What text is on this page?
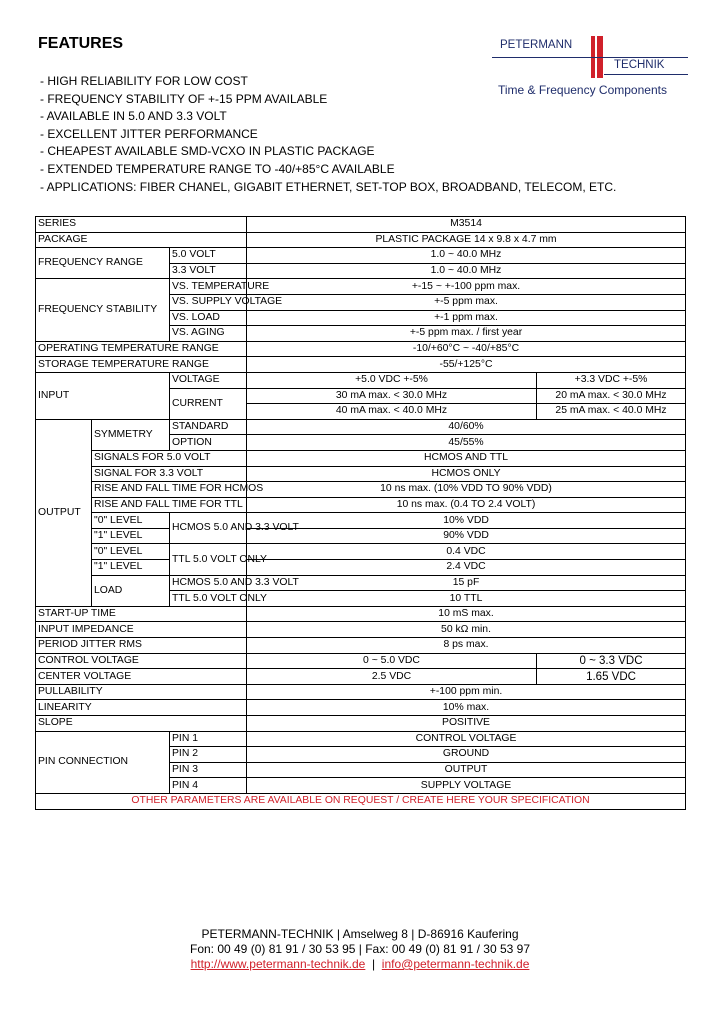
FEATURES	PETERMANN
TECHNIK
Time & Frequency Components
- HIGH RELIABILITY FOR LOW COST
- FREQUENCY STABILITY OF +-15 PPM AVAILABLE
- AVAILABLE IN 5.0 AND 3.3 VOLT
- EXCELLENT JITTER PERFORMANCE
- CHEAPEST AVAILABLE SMD-VCXO IN PLASTIC PACKAGE
- EXTENDED TEMPERATURE RANGE TO -40/+85°C AVAILABLE
- APPLICATIONS: FIBER CHANEL, GIGABIT ETHERNET, SET-TOP BOX, BROADBAND, TELECOM, ETC.
SERIES			M3514	
PACKAGE			PLASTIC PACKAGE 14 x 9.8 x 4.7 mm	
FREQUENCY RANGE		5.0 VOLT	1.0 ~ 40.0 MHz	
		3.3 VOLT	1.0 ~ 40.0 MHz	
FREQUENCY STABILITY		VS. TEMPERATURE	+-15 ~ +-100 ppm max.	
		VS. SUPPLY VOLTAGE	+-5 ppm max.	
		VS. LOAD	+-1 ppm max.	
		VS. AGING	+-5 ppm max. / first year	
OPERATING TEMPERATURE RANGE			-10/+60°C ~ -40/+85°C	
STORAGE TEMPERATURE RANGE			-55/+125°C	
INPUT		VOLTAGE	+5.0 VDC +-5%	+3.3 VDC +-5%
		CURRENT	30 mA max. < 30.0 MHz	20 mA max. < 30.0 MHz
			40 mA max. < 40.0 MHz	25 mA max. < 40.0 MHz
OUTPUT	SYMMETRY	STANDARD	40/60%	
		OPTION	45/55%	
	SIGNALS FOR 5.0 VOLT		HCMOS AND TTL	
	SIGNAL FOR 3.3 VOLT		HCMOS ONLY	
	RISE AND FALL TIME FOR HCMOS		10 ns max. (10% VDD TO 90% VDD)	
	RISE AND FALL TIME FOR TTL		10 ns max. (0.4 TO 2.4 VOLT)	
	"0" LEVEL	HCMOS 5.0 AND 3.3 VOLT	10% VDD	
	"1" LEVEL		90% VDD	
	"0" LEVEL	TTL 5.0 VOLT ONLY	0.4 VDC	
	"1" LEVEL		2.4 VDC	
	LOAD	HCMOS 5.0 AND 3.3 VOLT	15 pF	
		TTL 5.0 VOLT ONLY	10 TTL	
START-UP TIME			10 mS max.	
INPUT IMPEDANCE			50 kΩ min.	
PERIOD JITTER RMS			8 ps max.	
CONTROL VOLTAGE			0 ~ 5.0 VDC	0 ~ 3.3 VDC
CENTER VOLTAGE			2.5 VDC	1.65 VDC
PULLABILITY			+-100 ppm min.	
LINEARITY			10% max.	
SLOPE			POSITIVE	
PIN CONNECTION		PIN 1	CONTROL VOLTAGE	
		PIN 2	GROUND	
		PIN 3	OUTPUT	
		PIN 4	SUPPLY VOLTAGE	
OTHER PARAMETERS ARE AVAILABLE ON REQUEST / CREATE HERE YOUR SPECIFICATION				
PETERMANN-TECHNIK | Amselweg 8 | D-86916 Kaufering
Fon: 00 49 (0) 81 91 / 30 53 95 | Fax: 00 49 (0) 81 91 / 30 53 97
http://www.petermann-technik.de  |  info@petermann-technik.de
